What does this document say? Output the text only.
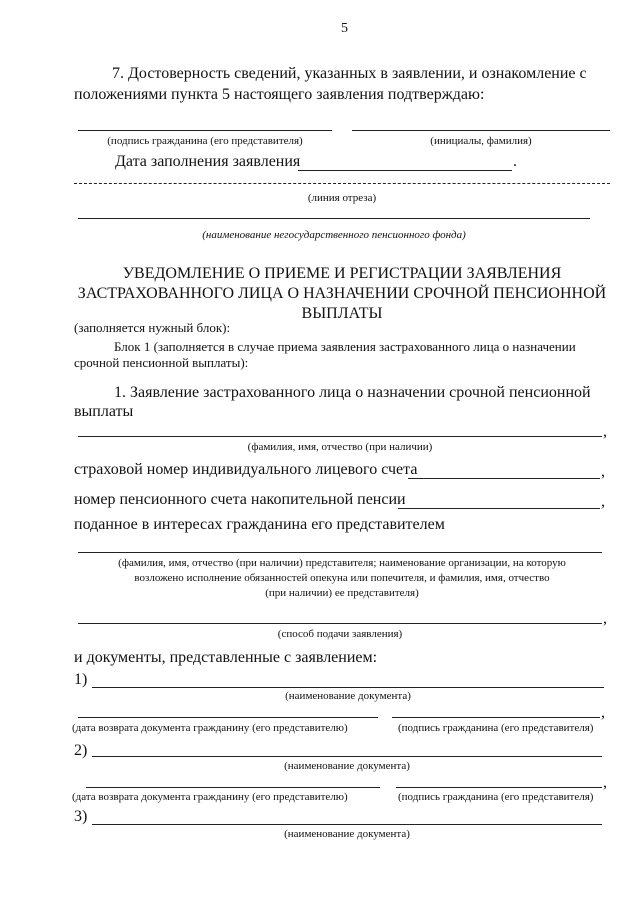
5
7. Достоверность сведений, указанных в заявлении, и ознакомление с
положениями пункта 5 настоящего заявления подтверждаю:
(подпись гражданина (его представителя)	(инициалы, фамилия)
Дата заполнения заявления	.
(линия отреза)
(наименование негосударственного пенсионного фонда)
УВЕДОМЛЕНИЕ О ПРИЕМЕ И РЕГИСТРАЦИИ ЗАЯВЛЕНИЯ
ЗАСТРАХОВАННОГО ЛИЦА О НАЗНАЧЕНИИ СРОЧНОЙ ПЕНСИОННОЙ
ВЫПЛАТЫ
(заполняется нужный блок):
Блок 1 (заполняется в случае приема заявления застрахованного лица о назначении
срочной пенсионной выплаты):
1. Заявление застрахованного лица о назначении срочной пенсионной
выплаты
,
(фамилия, имя, отчество (при наличии)
страховой номер индивидуального лицевого счета	,
номер пенсионного счета накопительной пенсии	,
поданное в интересах гражданина его представителем
(фамилия, имя, отчество (при наличии) представителя; наименование организации, на которую
возложено исполнение обязанностей опекуна или попечителя, и фамилия, имя, отчество
(при наличии) ее представителя)
,
(способ подачи заявления)
и документы, представленные с заявлением:
1)
(наименование документа)
,
(дата возврата документа гражданину (его представителю)	(подпись гражданина (его представителя)
2)
(наименование документа)
,
(дата возврата документа гражданину (его представителю)	(подпись гражданина (его представителя)
3)
(наименование документа)
